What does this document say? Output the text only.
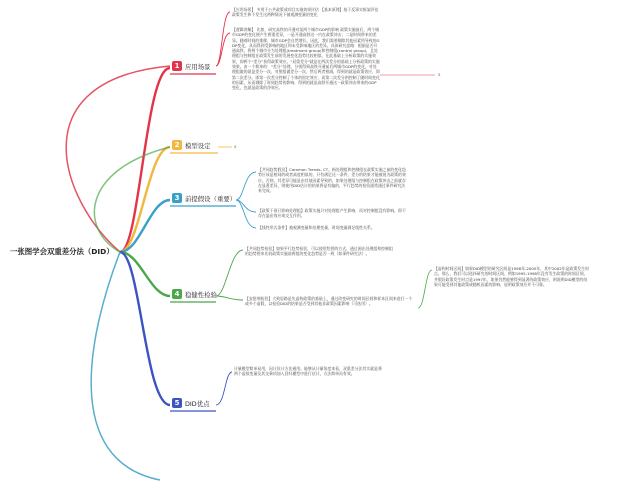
一张图学会双重差分法（DID）
1 应用场景
2 模型设定
3 前提假设（重要）
4 稳健性检验
5 DID优点
【应用场景】 多用于公共政策或项目实施效果评估 【基本原理】基于反事实框架评估政策发生和不发生这两种情况下被观测变量的变化
【逻辑讲解】 比如，研究高铁的开通对某两个城市GDP的影响 政策实施前后，两个城市GDP的变化便产生两重差异，一是开通高铁这一内在政策冲击；二是时间带来的差异。随着时间的推移，城市GDP会自然增长，因此，我们需要剔除其他因素所导致的GDP变化，从而得到受影响的地区和未受影响地区的差异。具体研究思路：根据是否开通高铁，将两个城市分为处理组(treatment group)和控制组(control group)，且处理组与控制组在政策发生前的发展变化趋势比较相似，在此基础上分析政策的实施效果，即两个“差分”获得政策效应。"双重差分"就是在两次差分的基础上分析政策的实施效果。由一个简单的：“差分”处理，分别得到高铁开通前后两城市GDP的变化，对处理组做的就是差分一次，对照组做差分一次，然后两者相减，得到的就是政策效应，即第二次差分。即第一次差分控制了个体的固定效应，而第二次差分则控制了随时间变化的因素，从而剔除了时间趋势的影响，得到的就是高铁开通这一政策冲击带来的GDP变化，也就是政策的净效应。
a
a
【共同趋势假设】Common Trends, CT。指处理组和控制组在政策实施之前的变化趋势应该是相同的或者高度相似的，只有满足这一条件，差分的结果才能被视为政策的效应。否则，其差异可能是由其他因素导致的，如果处理组与控制组在政策冲击之前就存在显著差异，则使用DID估计的结果将是有偏的，平行趋势的检验通常通过事件研究法来完成。
【政策干预只影响处理组】政策实施只对处理组产生影响，而对控制组没有影响，即不存在溢出效应或交互作用。
【线性形式条件】被观测变量和处理变量，时间变量满足线性关系。
【共同趋势检验】如果平行趋势检验，可以使用绘图的方式，通过画出处理组和控制组的趋势图来比较政策实施前两组的变化趋势是否一致（如事件研究法）。
【安慰剂检验】大致思路是先虚构政策的基础上，通过改变研究的时间区间和样本区间来进行一个或多个虚假，以检验DID的结果是否受到其他非政策因素影响（可选用）。
【虚构时间区间】如果DID模型的研究区间是1998年-2005年，其中2002年是政策发生时点。那么，我们可以选择研究的时间区间，例如1995-1998年没有发生政策的时间区间，并假设政策发生时点是1997年，如果仍然能够得到显著的政策效应，则说明DID模型的结果可能受到其他政策或随机因素的影响，说明政策效应并不可靠。
计量模型简单易用，因计设计方法通用。能够从计量角度来看，双重差分法其实就是将两个虚拟变量及其交乘项加入回归模型中进行估计，方法简单而有效。
